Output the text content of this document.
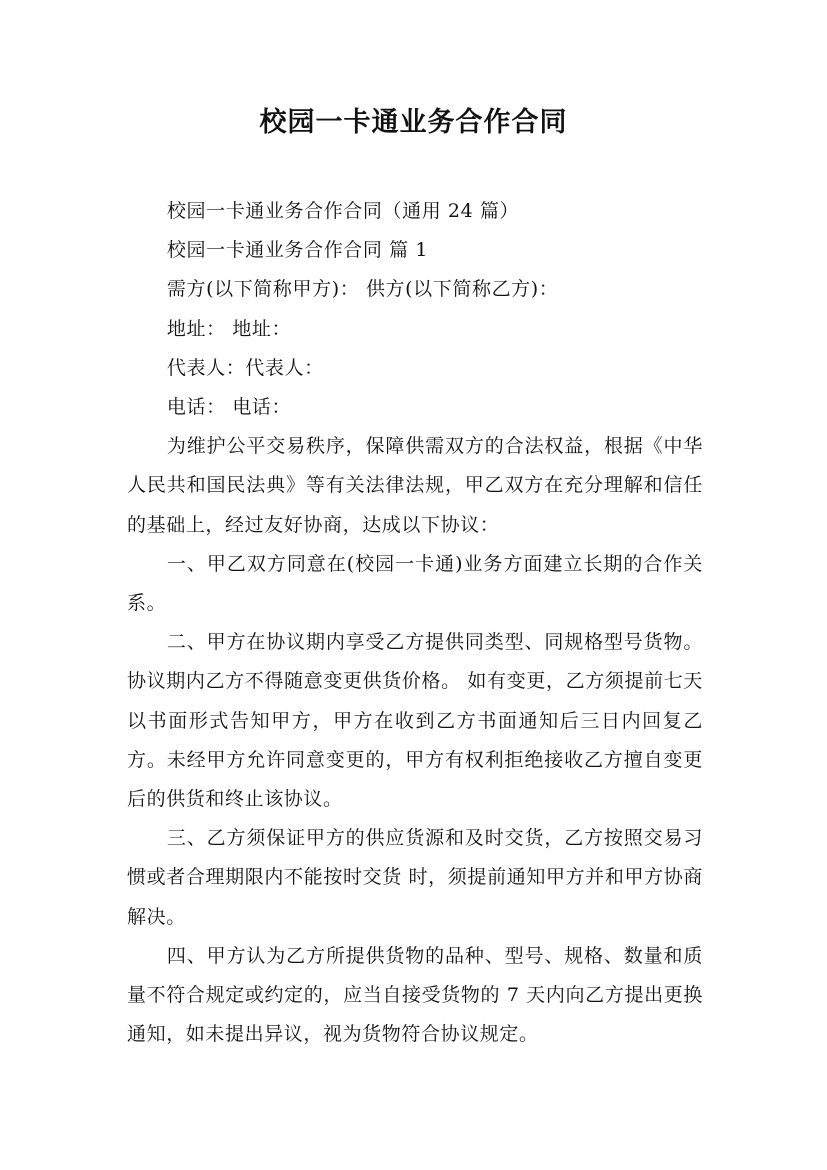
校园一卡通业务合作合同

校园一卡通业务合作合同（通用 24 篇）

校园一卡通业务合作合同 篇 1

需方(以下简称甲方)： 供方(以下简称乙方)：

地址： 地址：

代表人：代表人：

电话： 电话：

为维护公平交易秩序，保障供需双方的合法权益，根据《中华人民共和国民法典》等有关法律法规，甲乙双方在充分理解和信任的基础上，经过友好协商，达成以下协议：

一、甲乙双方同意在(校园一卡通)业务方面建立长期的合作关系。

二、甲方在协议期内享受乙方提供同类型、同规格型号货物。协议期内乙方不得随意变更供货价格。 如有变更，乙方须提前七天以书面形式告知甲方，甲方在收到乙方书面通知后三日内回复乙方。未经甲方允许同意变更的，甲方有权利拒绝接收乙方擅自变更后的供货和终止该协议。

三、乙方须保证甲方的供应货源和及时交货，乙方按照交易习惯或者合理期限内不能按时交货 时，须提前通知甲方并和甲方协商解决。

四、甲方认为乙方所提供货物的品种、型号、规格、数量和质量不符合规定或约定的，应当自接受货物的 7 天内向乙方提出更换通知，如未提出异议，视为货物符合协议规定。
